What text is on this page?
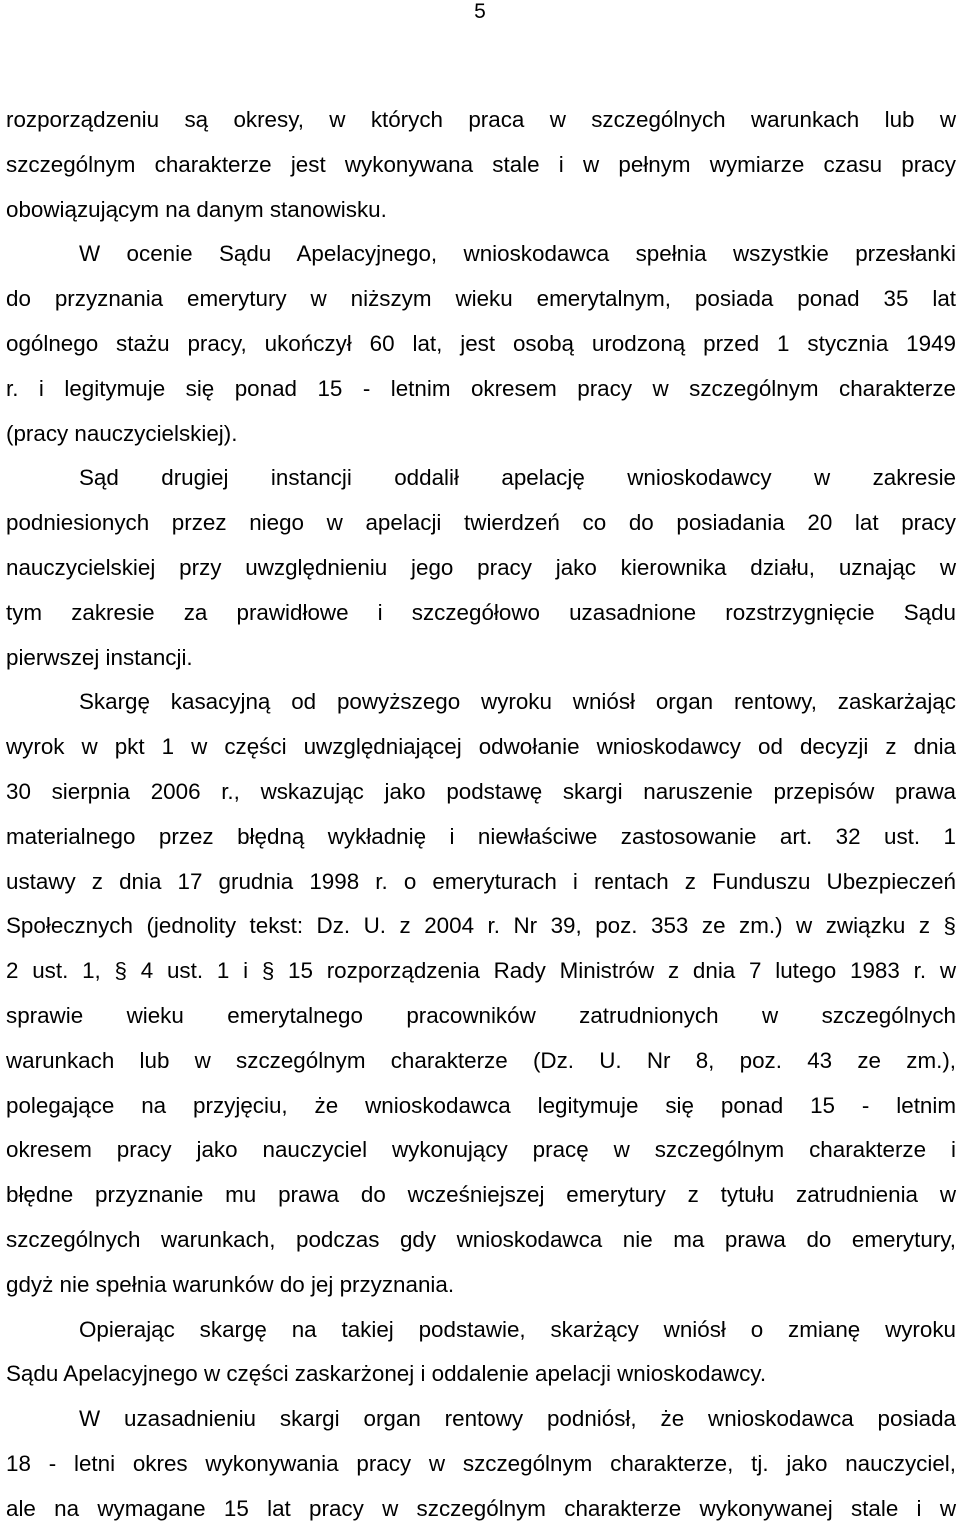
5
rozporządzeniu są okresy, w których praca w szczególnych warunkach lub w
szczególnym charakterze jest wykonywana stale i w pełnym wymiarze czasu pracy
obowiązującym na danym stanowisku.
W ocenie Sądu Apelacyjnego, wnioskodawca spełnia wszystkie przesłanki
do przyznania emerytury w niższym wieku emerytalnym, posiada ponad 35 lat
ogólnego stażu pracy, ukończył 60 lat, jest osobą urodzoną przed 1 stycznia 1949
r. i legitymuje się ponad 15 - letnim okresem pracy w szczególnym charakterze
(pracy nauczycielskiej).
Sąd drugiej instancji oddalił apelację wnioskodawcy w zakresie
podniesionych przez niego w apelacji twierdzeń co do posiadania 20 lat pracy
nauczycielskiej przy uwzględnieniu jego pracy jako kierownika działu, uznając w
tym zakresie za prawidłowe i szczegółowo uzasadnione rozstrzygnięcie Sądu
pierwszej instancji.
Skargę kasacyjną od powyższego wyroku wniósł organ rentowy, zaskarżając
wyrok w pkt 1 w części uwzględniającej odwołanie wnioskodawcy od decyzji z dnia
30 sierpnia 2006 r., wskazując jako podstawę skargi naruszenie przepisów prawa
materialnego przez błędną wykładnię i niewłaściwe zastosowanie art. 32 ust. 1
ustawy z dnia 17 grudnia 1998 r. o emeryturach i rentach z Funduszu Ubezpieczeń
Społecznych (jednolity tekst: Dz. U. z 2004 r. Nr 39, poz. 353 ze zm.) w związku z §
2 ust. 1, § 4 ust. 1 i § 15 rozporządzenia Rady Ministrów z dnia 7 lutego 1983 r. w
sprawie wieku emerytalnego pracowników zatrudnionych w szczególnych
warunkach lub w szczególnym charakterze (Dz. U. Nr 8, poz. 43 ze zm.),
polegające na przyjęciu, że wnioskodawca legitymuje się ponad 15 - letnim
okresem pracy jako nauczyciel wykonujący pracę w szczególnym charakterze i
błędne przyznanie mu prawa do wcześniejszej emerytury z tytułu zatrudnienia w
szczególnych warunkach, podczas gdy wnioskodawca nie ma prawa do emerytury,
gdyż nie spełnia warunków do jej przyznania.
Opierając skargę na takiej podstawie, skarżący wniósł o zmianę wyroku
Sądu Apelacyjnego w części zaskarżonej i oddalenie apelacji wnioskodawcy.
W uzasadnieniu skargi organ rentowy podniósł, że wnioskodawca posiada
18 - letni okres wykonywania pracy w szczególnym charakterze, tj. jako nauczyciel,
ale na wymagane 15 lat pracy w szczególnym charakterze wykonywanej stale i w
